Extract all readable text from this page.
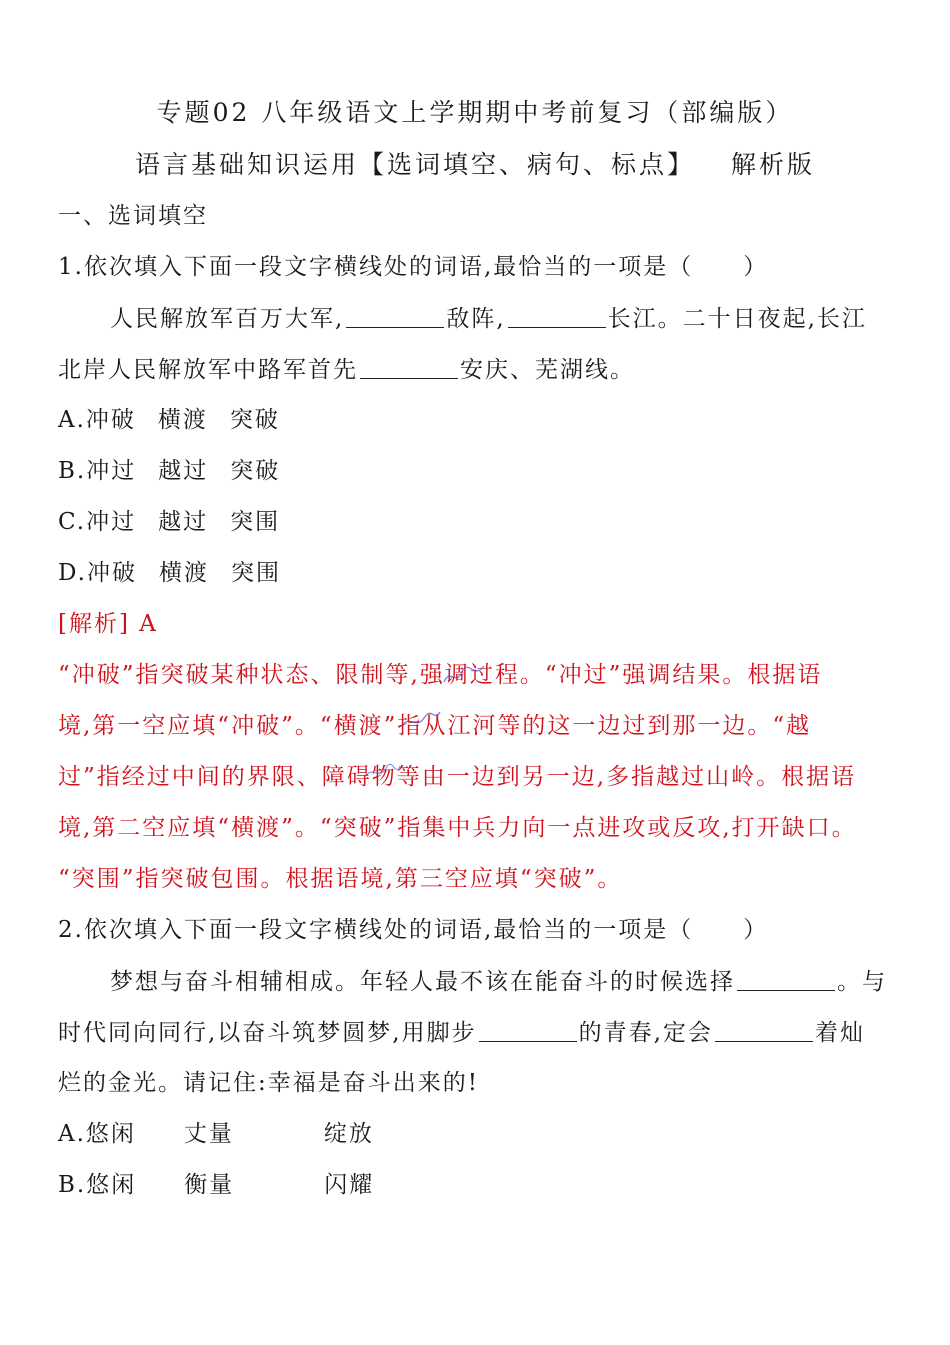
专题02 八年级语文上学期期中考前复习（部编版）
语言基础知识运用【选词填空、病句、标点】 解析版
一、选词填空
1.依次填入下面一段文字横线处的词语,最恰当的一项是（　　）
人民解放军百万大军,	敌阵,	长江。二十日夜起,长江
北岸人民解放军中路军首先	安庆、芜湖线。
A.冲破 横渡 突破
B.冲过 越过 突破
C.冲过 越过 突围
D.冲破 横渡 突围
[解析] A
“冲破”指突破某种状态、限制等,强调过程。“冲过”强调结果。根据语
境,第一空应填“冲破”。“横渡”指从江河等的这一边过到那一边。“越
过”指经过中间的界限、障碍物等由一边到另一边,多指越过山岭。根据语
境,第二空应填“横渡”。“突破”指集中兵力向一点进攻或反攻,打开缺口。
“突围”指突破包围。根据语境,第三空应填“突破”。
2.依次填入下面一段文字横线处的词语,最恰当的一项是（　　）
梦想与奋斗相辅相成。年轻人最不该在能奋斗的时候选择	。与
时代同向同行,以奋斗筑梦圆梦,用脚步	的青春,定会	着灿
烂的金光。请记住:幸福是奋斗出来的!
A.悠闲 丈量	绽放
B.悠闲 衡量	闪耀
